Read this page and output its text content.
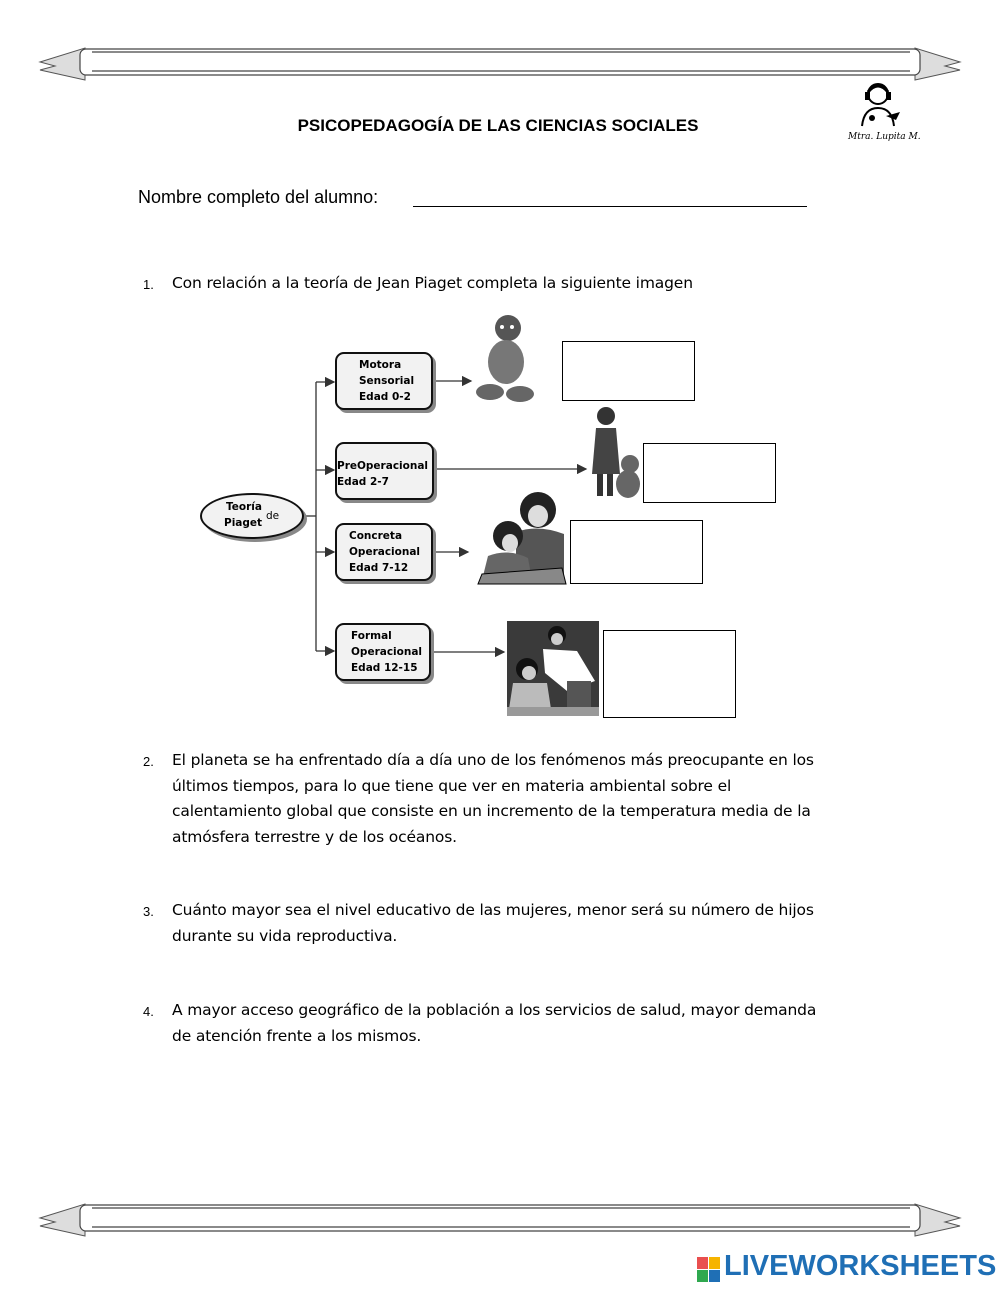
Mtra. Lupita M.
PSICOPEDAGOGÍA DE LAS CIENCIAS SOCIALES
Nombre completo del alumno:
1. Con relación a la teoría de Jean Piaget completa la siguiente imagen
Teoría
de
Piaget
Motora
Sensorial
Edad 0-2
PreOperacional
Edad 2-7
Concreta
Operacional
Edad 7-12
Formal
Operacional
Edad 12-15
2. El planeta se ha enfrentado día a día uno de los fenómenos más preocupante en los
últimos tiempos, para lo que tiene que ver en materia ambiental sobre el
calentamiento global que consiste en un incremento de la temperatura media de la
atmósfera terrestre y de los océanos.
3. Cuánto mayor sea el nivel educativo de las mujeres, menor será su número de hijos
durante su vida reproductiva.
4. A mayor acceso geográfico de la población a los servicios de salud, mayor demanda
de atención frente a los mismos.
LIVEWORKSHEETS
